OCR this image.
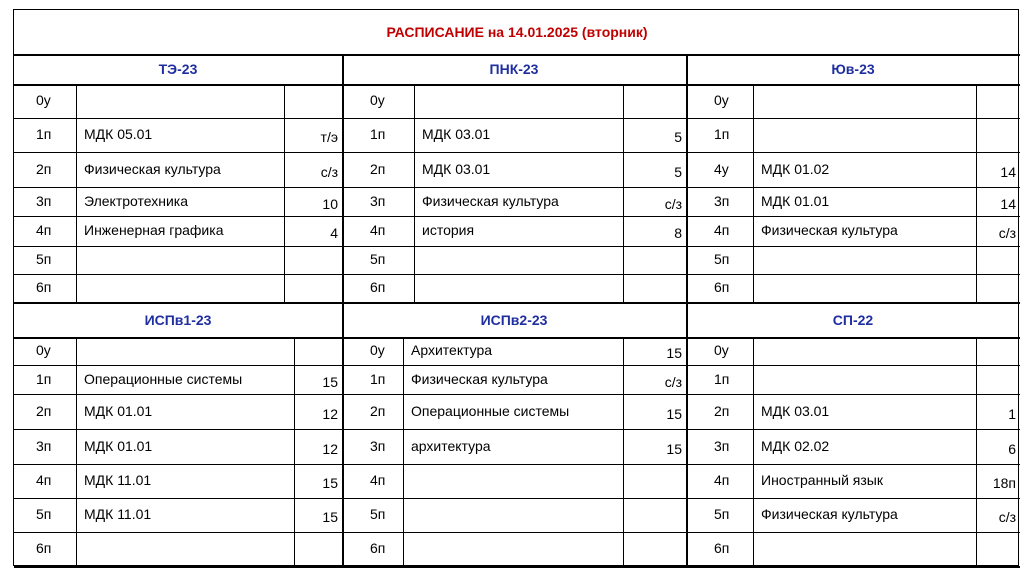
РАСПИСАНИЕ на 14.01.2025 (вторник)
ТЭ-23
0у
1п	МДК 05.01	т/э
2п	Физическая культура	с/з
3п	Электротехника	10
4п	Инженерная графика	4
5п
6п
ПНК-23
0у
1п	МДК 03.01	5
2п	МДК 03.01	5
3п	Физическая культура	с/з
4п	история	8
5п
6п
Юв-23
0у
1п
4у	МДК 01.02	14
3п	МДК 01.01	14
4п	Физическая культура	с/з
5п
6п
ИСПв1-23
0у
1п	Операционные системы	15
2п	МДК 01.01	12
3п	МДК 01.01	12
4п	МДК 11.01	15
5п	МДК 11.01	15
6п
ИСПв2-23
0у	Архитектура	15
1п	Физическая культура	с/з
2п	Операционные системы	15
3п	архитектура	15
4п
5п
6п
СП-22
0у
1п
2п	МДК 03.01	1
3п	МДК 02.02	6
4п	Иностранный язык	18п
5п	Физическая культура	с/з
6п
